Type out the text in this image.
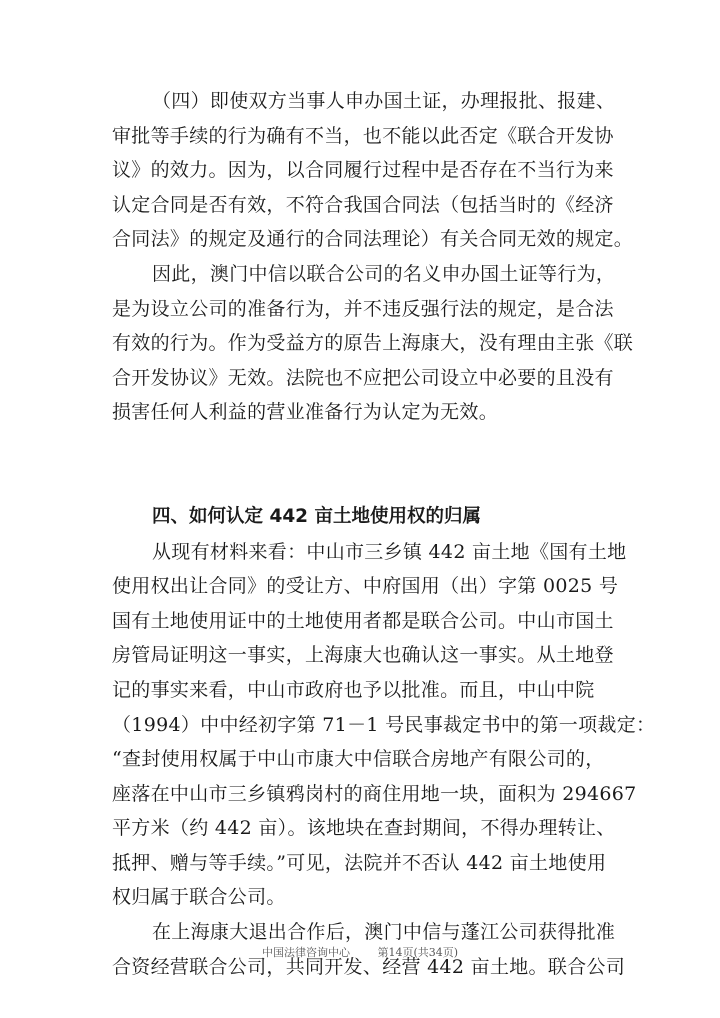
（四）即使双方当事人申办国土证，办理报批、报建、
审批等手续的行为确有不当，也不能以此否定《联合开发协
议》的效力。因为，以合同履行过程中是否存在不当行为来
认定合同是否有效，不符合我国合同法（包括当时的《经济
合同法》的规定及通行的合同法理论）有关合同无效的规定。
因此，澳门中信以联合公司的名义申办国土证等行为，
是为设立公司的准备行为，并不违反强行法的规定，是合法
有效的行为。作为受益方的原告上海康大，没有理由主张《联
合开发协议》无效。法院也不应把公司设立中必要的且没有
损害任何人利益的营业准备行为认定为无效。
四、如何认定 442 亩土地使用权的归属
从现有材料来看：中山市三乡镇 442 亩土地《国有土地
使用权出让合同》的受让方、中府国用（出）字第 0025 号
国有土地使用证中的土地使用者都是联合公司。中山市国土
房管局证明这一事实，上海康大也确认这一事实。从土地登
记的事实来看，中山市政府也予以批准。而且，中山中院
（1994）中中经初字第 71－1 号民事裁定书中的第一项裁定：
“查封使用权属于中山市康大中信联合房地产有限公司的，
座落在中山市三乡镇鸦岗村的商住用地一块，面积为 294667
平方米（约 442 亩）。该地块在查封期间，不得办理转让、
抵押、赠与等手续。”可见，法院并不否认 442 亩土地使用
权归属于联合公司。
在上海康大退出合作后，澳门中信与蓬江公司获得批准
合资经营联合公司，共同开发、经营 442 亩土地。联合公司
中国法律咨询中心	第14页(共34页)
